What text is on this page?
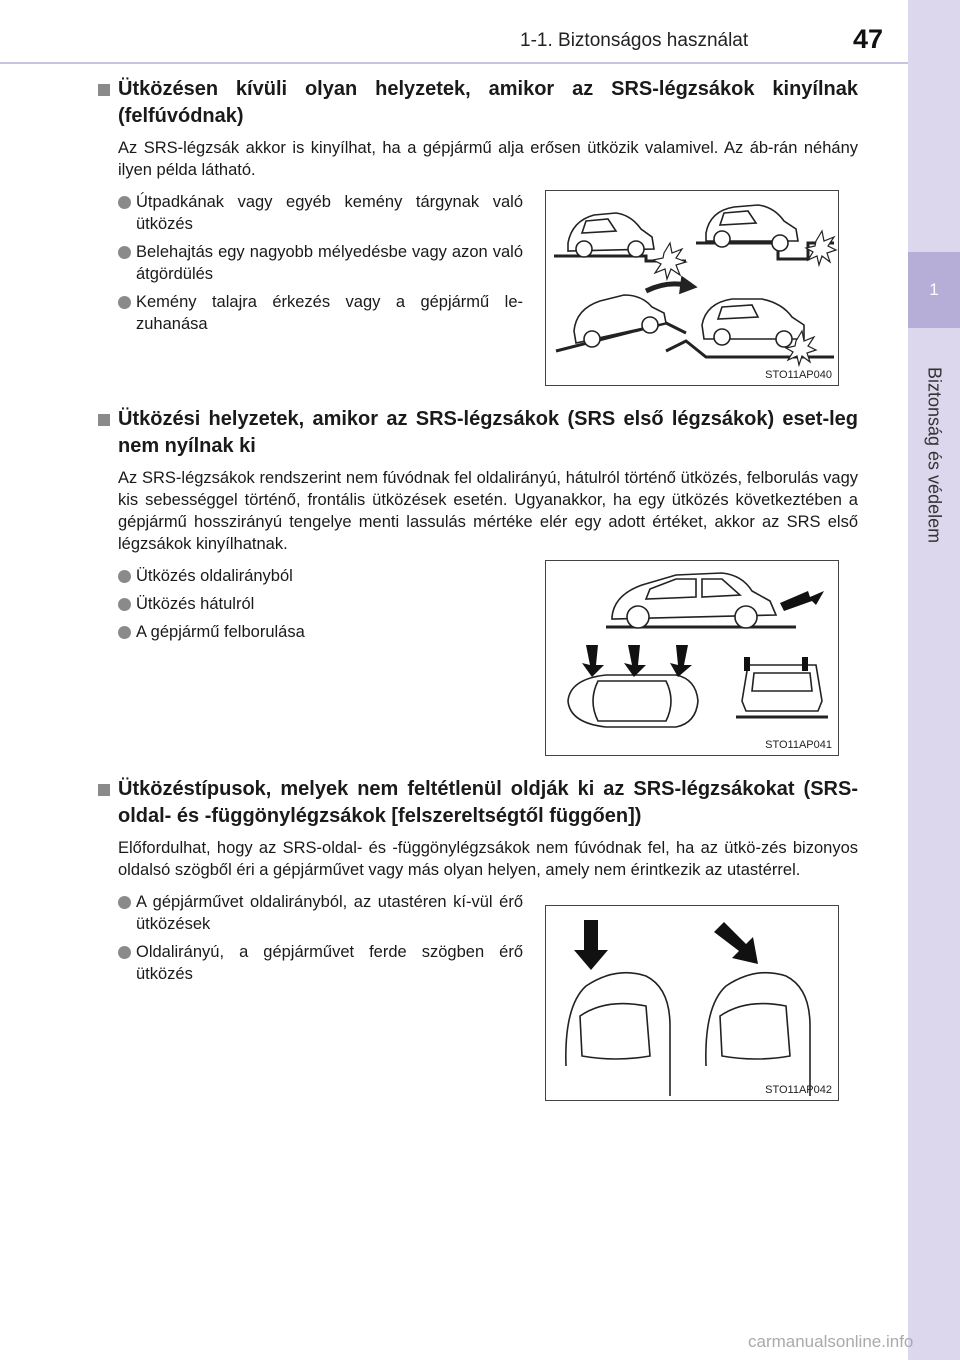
1-1. Biztonságos használat	47
1
Biztonság és védelem
Ütközésen kívüli olyan helyzetek, amikor az SRS-légzsákok kinyílnak (felfúvódnak)

Az SRS-légzsák akkor is kinyílhat, ha a gépjármű alja erősen ütközik valamivel. Az áb-rán néhány ilyen példa látható.

Útpadkának vagy egyéb kemény tárgynak való ütközés
Belehajtás egy nagyobb mélyedésbe vagy azon való átgördülés
Kemény talajra érkezés vagy a gépjármű le-zuhanása
STO11AP040
Ütközési helyzetek, amikor az SRS-légzsákok (SRS első légzsákok) eset-leg nem nyílnak ki

Az SRS-légzsákok rendszerint nem fúvódnak fel oldalirányú, hátulról történő ütközés, felborulás vagy kis sebességgel történő, frontális ütközések esetén. Ugyanakkor, ha egy ütközés következtében a gépjármű hosszirányú tengelye menti lassulás mértéke elér egy adott értéket, akkor az SRS első légzsákok kinyílhatnak.

Ütközés oldalirányból
Ütközés hátulról
A gépjármű felborulása
STO11AP041
Ütközéstípusok, melyek nem feltétlenül oldják ki az SRS-légzsákokat (SRS-oldal- és -függönylégzsákok [felszereltségtől függően])

Előfordulhat, hogy az SRS-oldal- és -függönylégzsákok nem fúvódnak fel, ha az ütkö-zés bizonyos oldalsó szögből éri a gépjárművet vagy más olyan helyen, amely nem érintkezik az utastérrel.

A gépjárművet oldalirányból, az utastéren kí-vül érő ütközések
Oldalirányú, a gépjárművet ferde szögben érő ütközés
STO11AP042
carmanualsonline.info
